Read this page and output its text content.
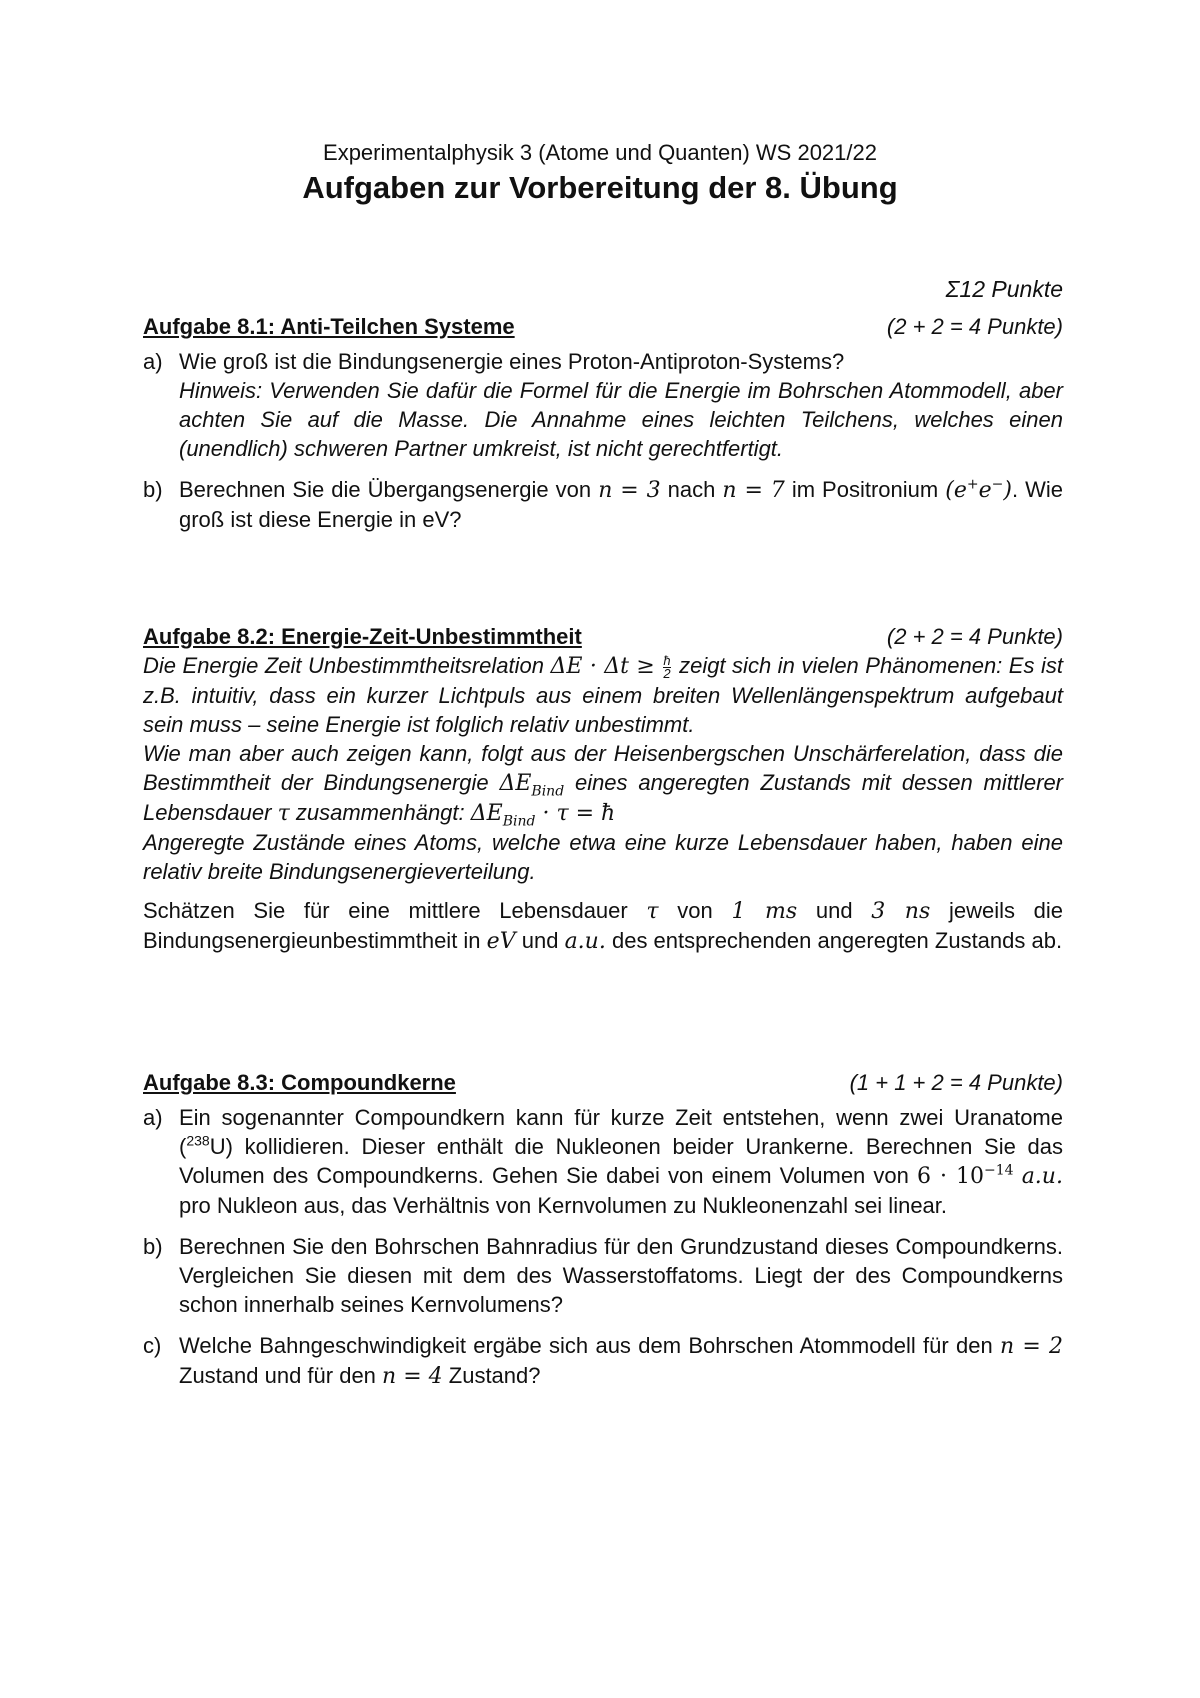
Experimentalphysik 3 (Atome und Quanten) WS 2021/22
Aufgaben zur Vorbereitung der 8. Übung
Σ12 Punkte
Aufgabe 8.1: Anti-Teilchen Systeme	(2 + 2 = 4 Punkte)
a) Wie groß ist die Bindungsenergie eines Proton-Antiproton-Systems?

Hinweis: Verwenden Sie dafür die Formel für die Energie im Bohrschen Atommodell, aber achten Sie auf die Masse. Die Annahme eines leichten Teilchens, welches einen (unendlich) schweren Partner umkreist, ist nicht gerechtfertigt.

b) Berechnen Sie die Übergangsenergie von n = 3 nach n = 7 im Positronium (e+e−). Wie groß ist diese Energie in eV?
Aufgabe 8.2: Energie-Zeit-Unbestimmtheit	(2 + 2 = 4 Punkte)

Die Energie Zeit Unbestimmtheitsrelation $\Delta E \cdot \Delta t \ge \frac{ħ}{2}$ zeigt sich in vielen Phänomenen: Es ist z.B. intuitiv, dass ein kurzer Lichtpuls aus einem breiten Wellenlängenspektrum aufgebaut sein muss – seine Energie ist folglich relativ unbestimmt.

Wie man aber auch zeigen kann, folgt aus der Heisenbergschen Unschärferelation, dass die Bestimmtheit der Bindungsenergie $\Delta E_{Bind}$ eines angeregten Zustands mit dessen mittlerer Lebensdauer τ zusammenhängt: $\Delta E_{Bind} \cdot \tau$ = ħ

Angeregte Zustände eines Atoms, welche etwa eine kurze Lebensdauer haben, haben eine relativ breite Bindungsenergieverteilung.

Schätzen Sie für eine mittlere Lebensdauer τ von 1 ms und 3 ns jeweils die Bindungsenergieunbestimmtheit in eV und a.u. des entsprechenden angeregten Zustands ab.

Aufgabe 8.3: Compoundkerne	(1 + 1 + 2 = 4 Punkte)
a) Ein sogenannter Compoundkern kann für kurze Zeit entstehen, wenn zwei Uranatome ($^{238}$U) kollidieren. Dieser enthält die Nukleonen beider Urankerne. Berechnen Sie das Volumen des Compoundkerns. Gehen Sie dabei von einem Volumen von $6 \cdot 10^{-14}$ a.u. pro Nukleon aus, das Verhältnis von Kernvolumen zu Nukleonenzahl sei linear.
b) Berechnen Sie den Bohrschen Bahnradius für den Grundzustand dieses Compoundkerns. Vergleichen Sie diesen mit dem des Wasserstoffatoms. Liegt der des Compoundkerns schon innerhalb seines Kernvolumens?
c) Welche Bahngeschwindigkeit ergäbe sich aus dem Bohrschen Atommodell für den n = 2 Zustand und für den n = 4 Zustand?
